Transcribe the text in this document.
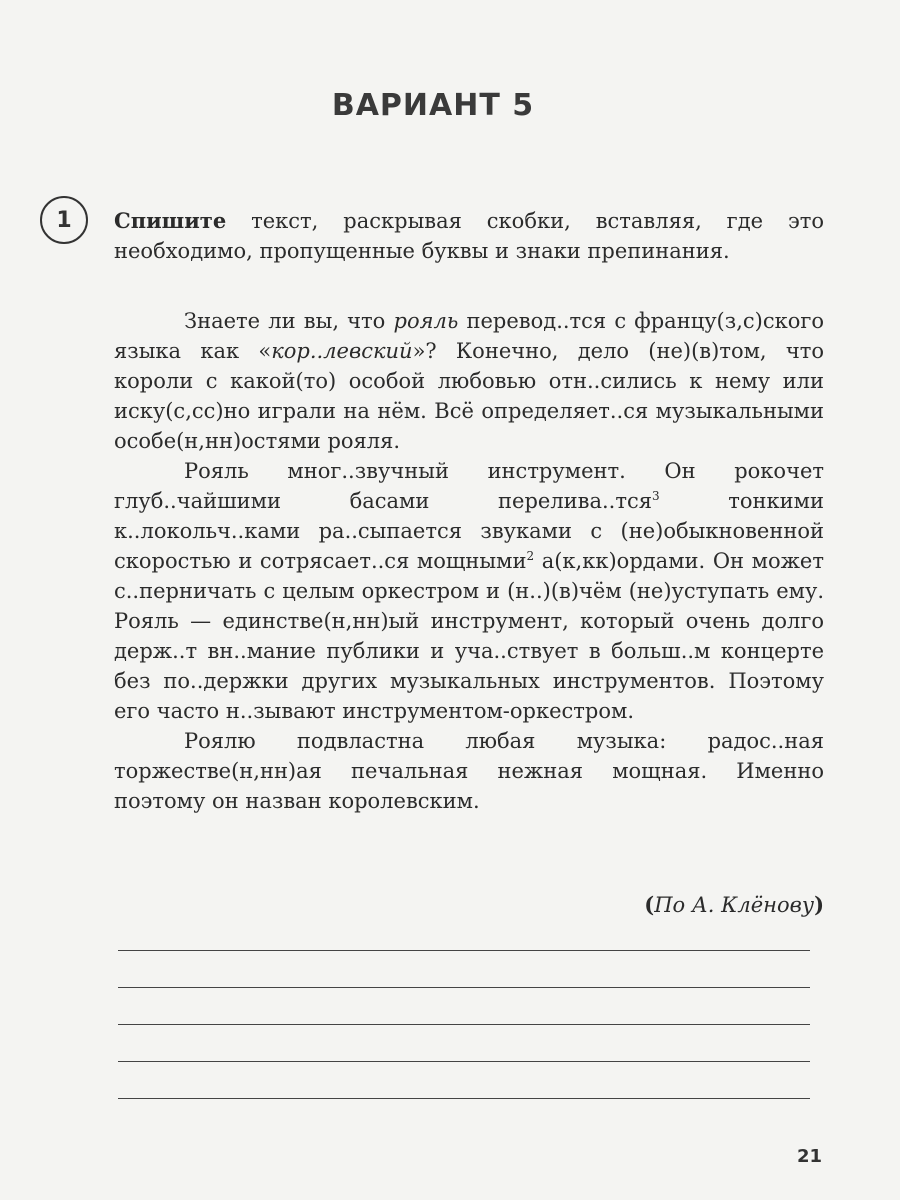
ВАРИАНТ 5
1	Спишите текст, раскрывая скобки, вставляя, где это необходимо, пропущенные буквы и знаки препинания.

Знаете ли вы, что рояль перевод..тся с францу(з,с)ского языка как «кор..левский»? Конечно, дело (не)(в)том, что короли с какой(то) особой любовью отн..сились к нему или иску(с,сс)но играли на нём. Всё определяет..ся музыкальными особе(н,нн)остями рояля.

Рояль мног..звучный инструмент. Он рокочет глуб..чайшими басами перелива..тся$^3$ тонкими к..локольч..ками ра..сыпается звуками с (не)обыкновенной скоростью и сотрясает..ся мощными$^2$ а(к,кк)ордами. Он может с..перничать с целым оркестром и (н..)(в)чём (не)уступать ему. Рояль — единстве(н,нн)ый инструмент, который очень долго держ..т вн..мание публики и уча..ствует в больш..м концерте без по..держки других музыкальных инструментов. Поэтому его часто н..зывают инструментом-оркестром.

Роялю подвластна любая музыка: радос..ная торжестве(н,нн)ая печальная нежная мощная. Именно поэтому он назван королевским.

(По А. Клёнову)
21
